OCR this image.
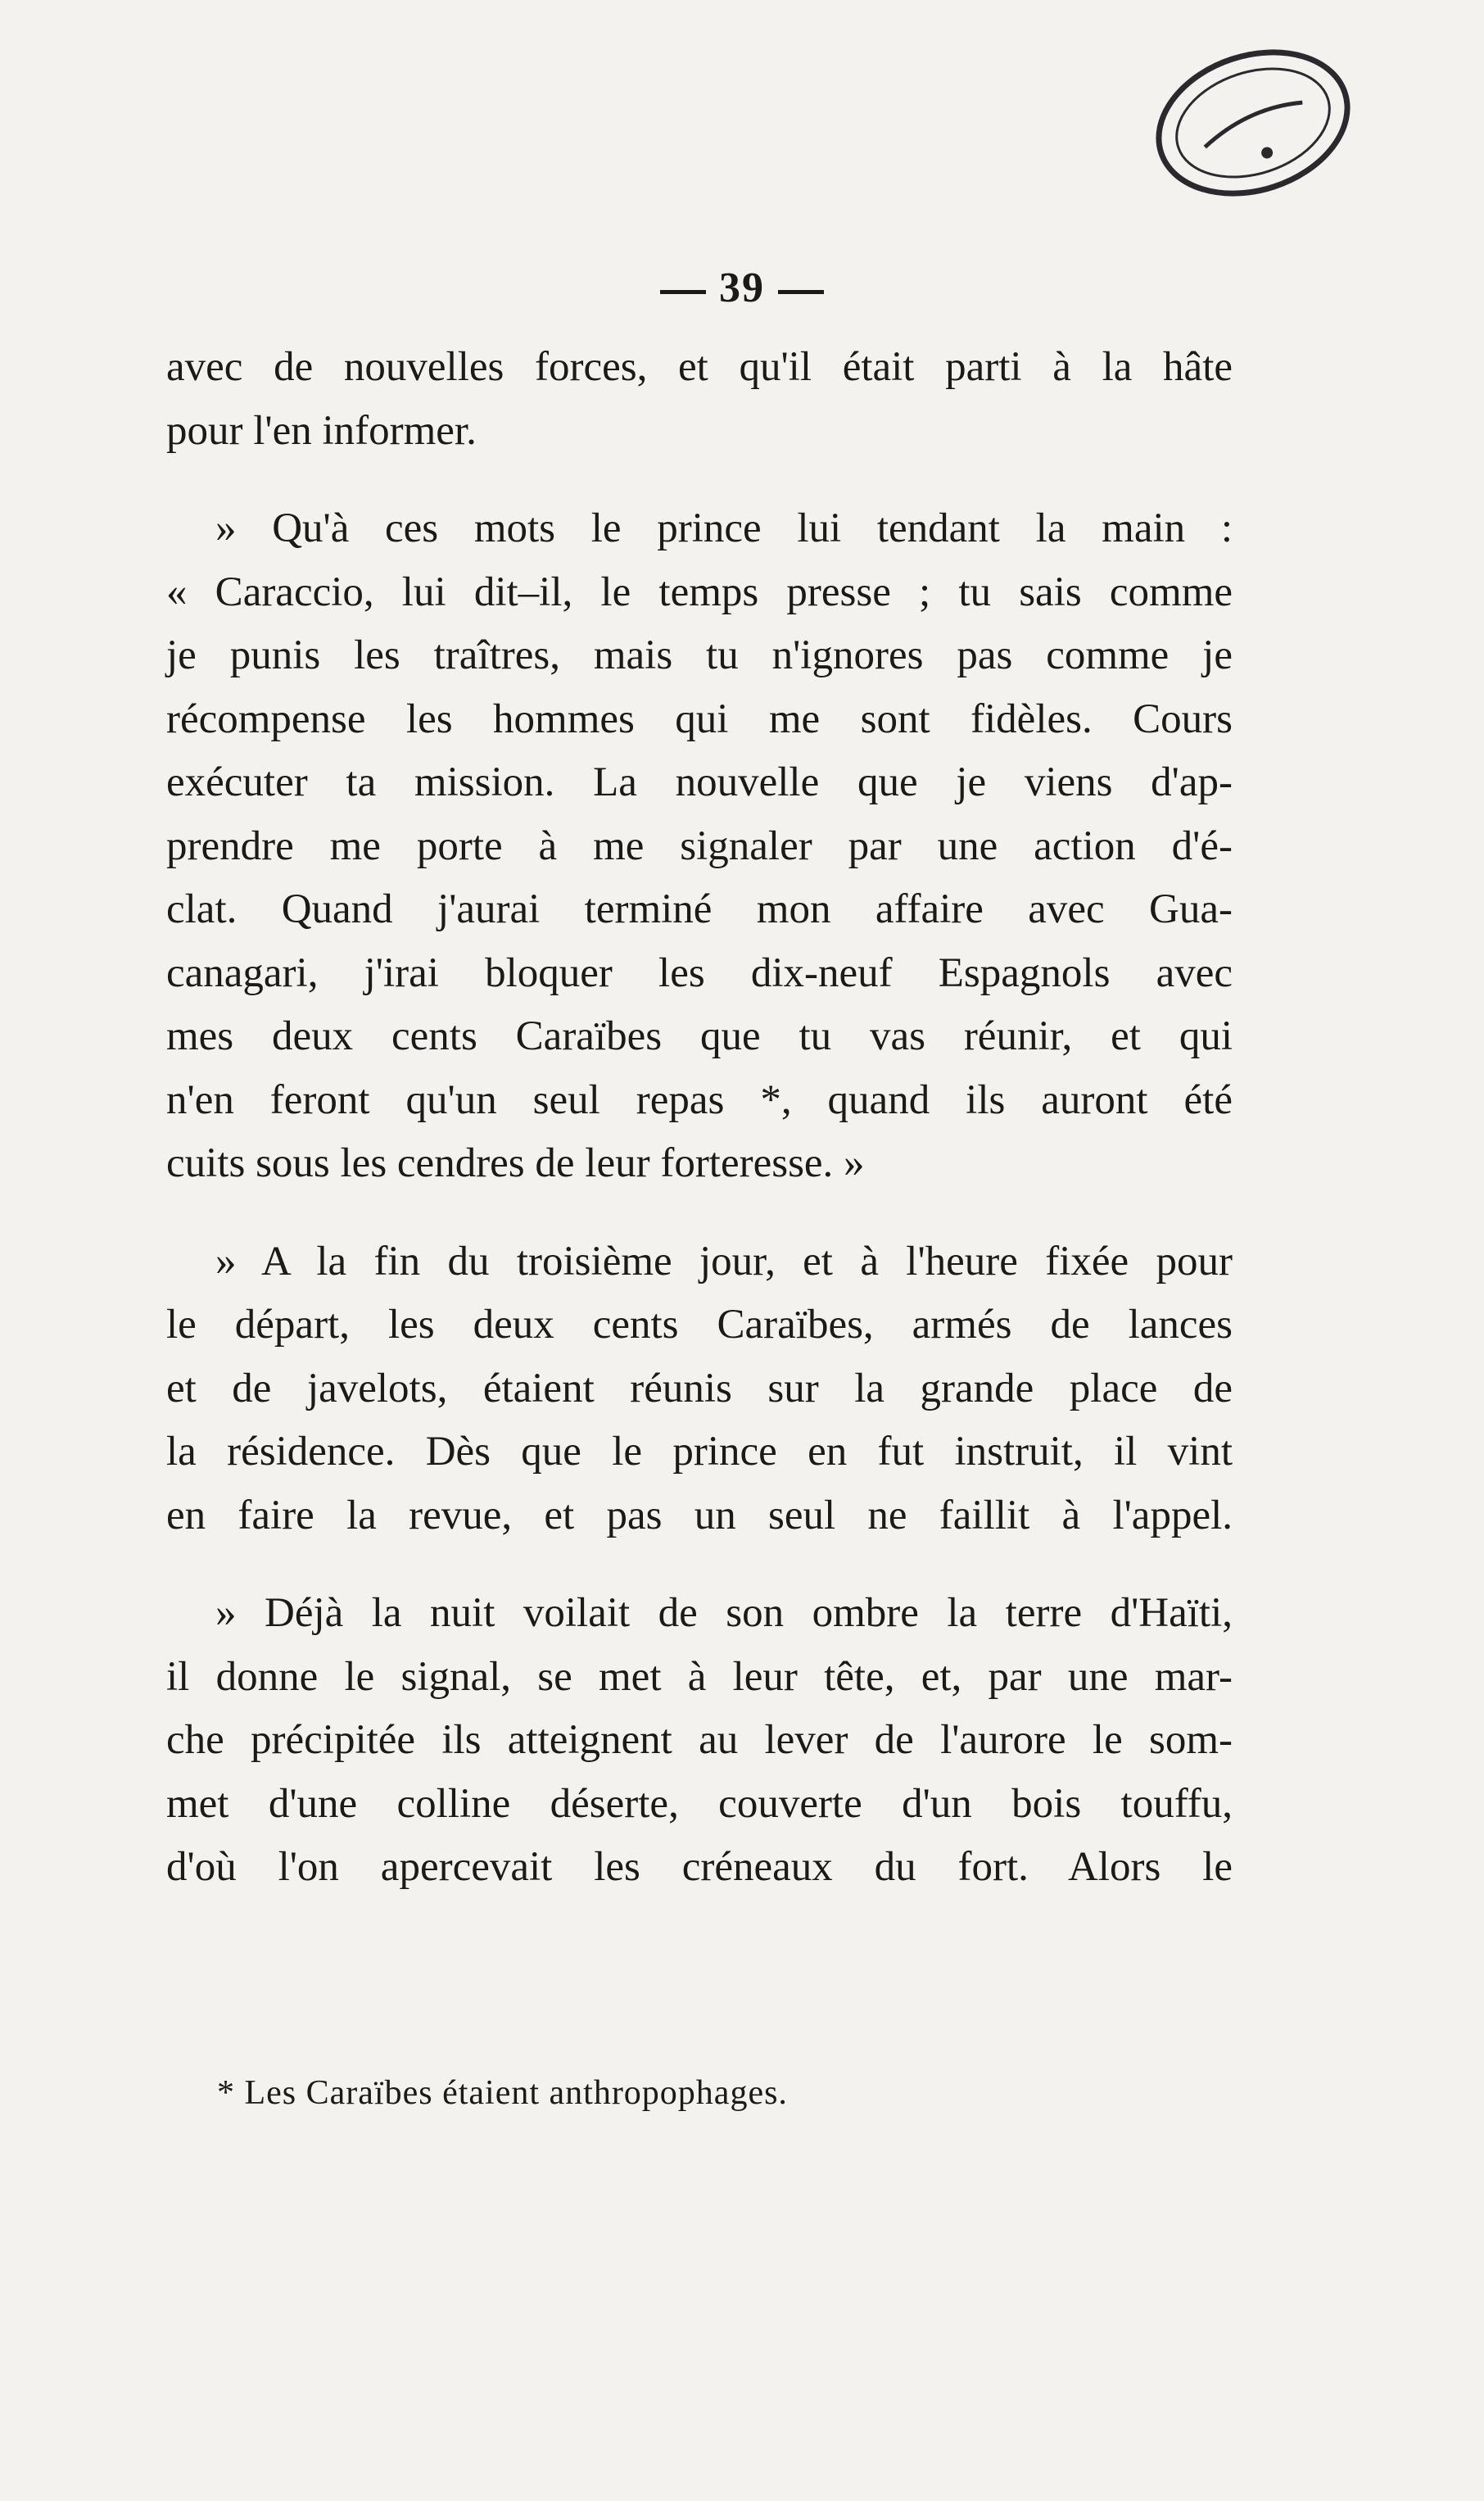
39
avec de nouvelles forces, et qu'il était parti à la hâte
pour l'en informer.
» Qu'à ces mots le prince lui tendant la main :
« Caraccio, lui dit–il, le temps presse ; tu sais comme
je punis les traîtres, mais tu n'ignores pas comme je
récompense les hommes qui me sont fidèles. Cours
exécuter ta mission. La nouvelle que je viens d'ap-
prendre me porte à me signaler par une action d'é-
clat. Quand j'aurai terminé mon affaire avec Gua-
canagari, j'irai bloquer les dix-neuf Espagnols avec
mes deux cents Caraïbes que tu vas réunir, et qui
n'en feront qu'un seul repas *, quand ils auront été
cuits sous les cendres de leur forteresse. »
» A la fin du troisième jour, et à l'heure fixée pour
le départ, les deux cents Caraïbes, armés de lances
et de javelots, étaient réunis sur la grande place de
la résidence. Dès que le prince en fut instruit, il vint
en faire la revue, et pas un seul ne faillit à l'appel.
» Déjà la nuit voilait de son ombre la terre d'Haïti,
il donne le signal, se met à leur tête, et, par une mar-
che précipitée ils atteignent au lever de l'aurore le som-
met d'une colline déserte, couverte d'un bois touffu,
d'où l'on apercevait les créneaux du fort. Alors le
* Les Caraïbes étaient anthropophages.
